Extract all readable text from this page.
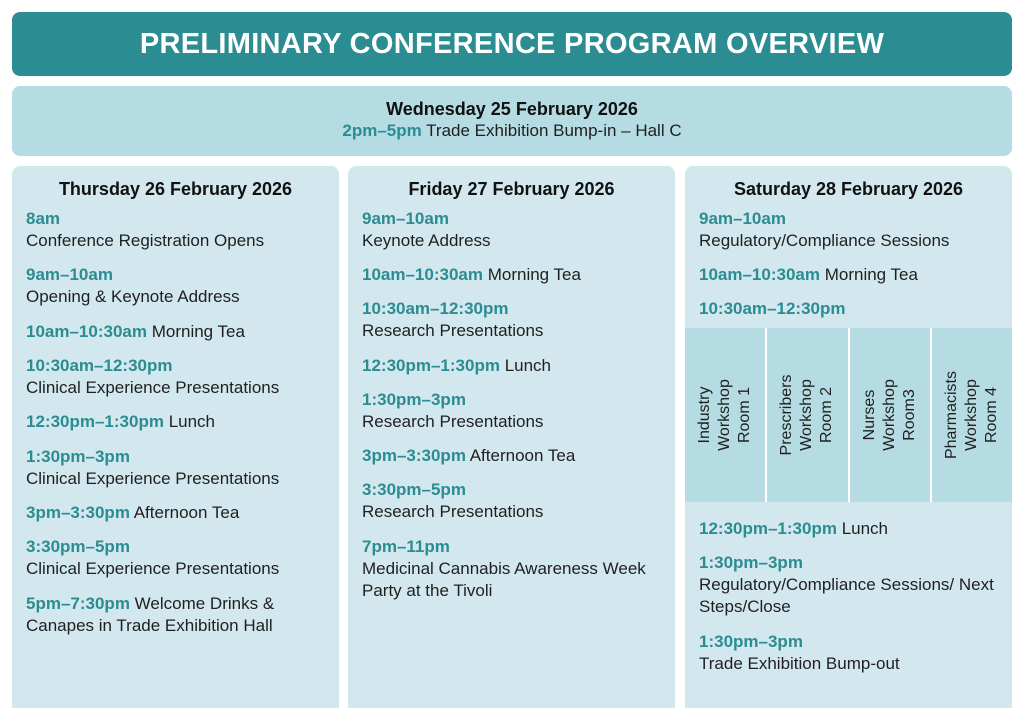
PRELIMINARY CONFERENCE PROGRAM OVERVIEW
Wednesday 25 February 2026
2pm–5pm Trade Exhibition Bump-in – Hall C
Thursday 26 February 2026
8am
Conference Registration Opens
9am–10am
Opening & Keynote Address
10am–10:30am Morning Tea
10:30am–12:30pm
Clinical Experience Presentations
12:30pm–1:30pm Lunch
1:30pm–3pm
Clinical Experience Presentations
3pm–3:30pm Afternoon Tea
3:30pm–5pm
Clinical Experience Presentations
5pm–7:30pm Welcome Drinks & Canapes in Trade Exhibition Hall
Friday 27 February 2026
9am–10am
Keynote Address
10am–10:30am Morning Tea
10:30am–12:30pm
Research Presentations
12:30pm–1:30pm Lunch
1:30pm–3pm
Research Presentations
3pm–3:30pm Afternoon Tea
3:30pm–5pm
Research Presentations
7pm–11pm
Medicinal Cannabis Awareness Week Party at the Tivoli
Saturday 28 February 2026
9am–10am
Regulatory/Compliance Sessions
10am–10:30am Morning Tea
10:30am–12:30pm
Industry Workshop Room 1 Prescribers Workshop Room 2 Nurses Workshop Room3 Pharmacists Workshop Room 4
12:30pm–1:30pm Lunch
1:30pm–3pm
Regulatory/Compliance Sessions/ Next Steps/Close
1:30pm–3pm
Trade Exhibition Bump-out
